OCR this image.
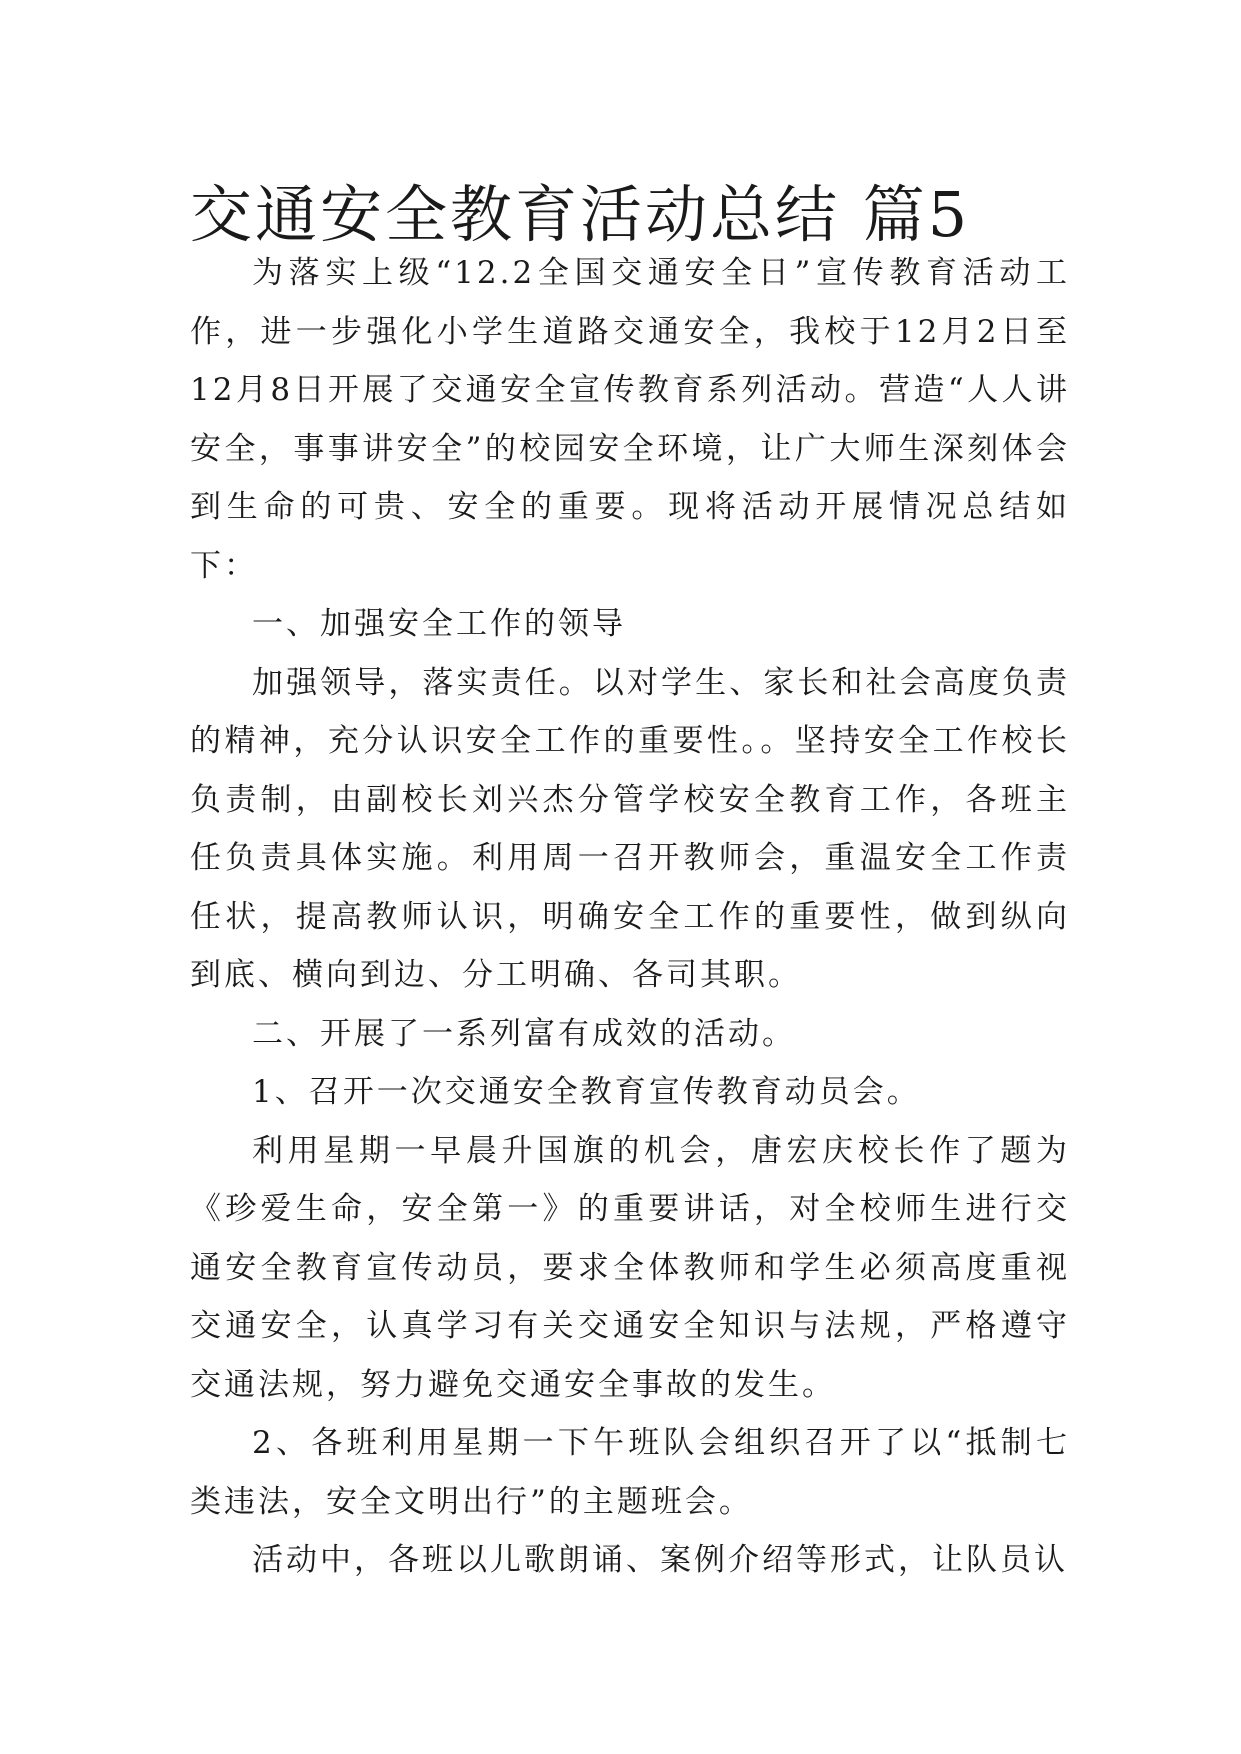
交通安全教育活动总结 篇5

为落实上级“12.2全国交通安全日”宣传教育活动工作，进一步强化小学生道路交通安全，我校于12月2日至12月8日开展了交通安全宣传教育系列活动。营造“人人讲安全，事事讲安全”的校园安全环境，让广大师生深刻体会到生命的可贵、安全的重要。现将活动开展情况总结如下：

一、加强安全工作的领导

加强领导，落实责任。以对学生、家长和社会高度负责的精神，充分认识安全工作的重要性。。坚持安全工作校长负责制，由副校长刘兴杰分管学校安全教育工作，各班主任负责具体实施。利用周一召开教师会，重温安全工作责任状，提高教师认识，明确安全工作的重要性，做到纵向到底、横向到边、分工明确、各司其职。

二、开展了一系列富有成效的活动。

1、召开一次交通安全教育宣传教育动员会。

利用星期一早晨升国旗的机会，唐宏庆校长作了题为《珍爱生命，安全第一》的重要讲话，对全校师生进行交通安全教育宣传动员，要求全体教师和学生必须高度重视交通安全，认真学习有关交通安全知识与法规，严格遵守交通法规，努力避免交通安全事故的发生。

2、各班利用星期一下午班队会组织召开了以“抵制七类违法，安全文明出行”的主题班会。

活动中，各班以儿歌朗诵、案例介绍等形式，让队员认
